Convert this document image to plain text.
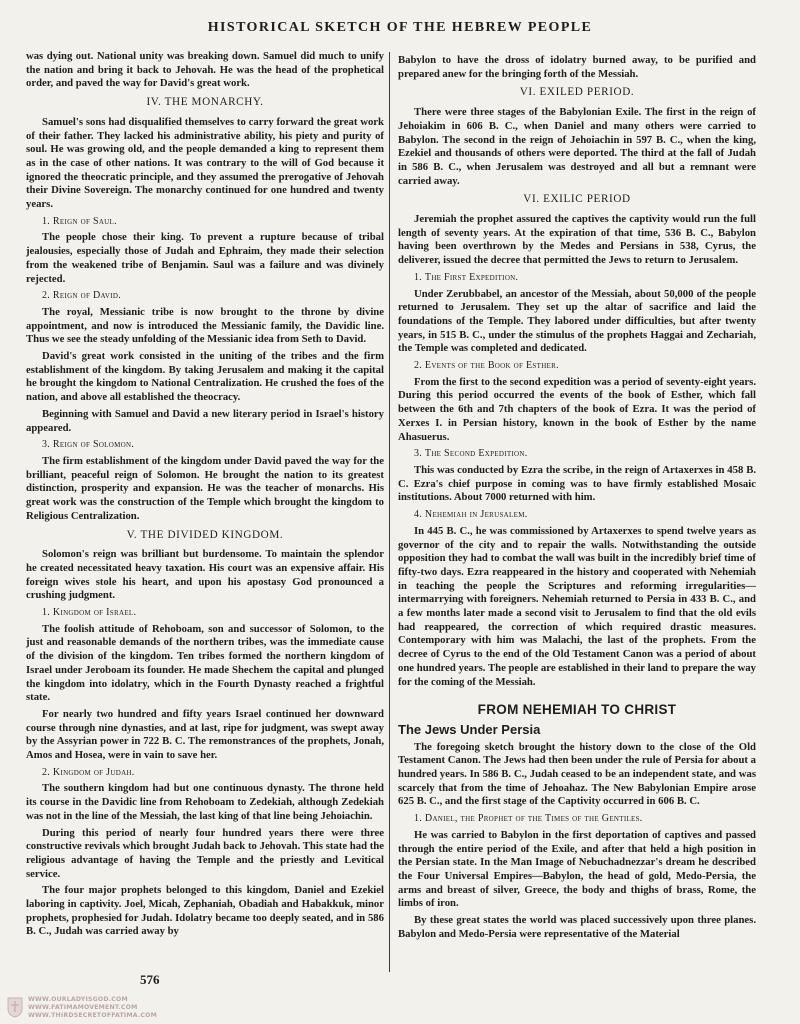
HISTORICAL SKETCH OF THE HEBREW PEOPLE

was dying out. National unity was breaking down. Samuel did much to unify the nation and bring it back to Jehovah. He was the head of the prophetical order, and paved the way for David's great work.

IV. THE MONARCHY.

Samuel's sons had disqualified themselves to carry forward the great work of their father. They lacked his administrative ability, his piety and purity of soul. He was growing old, and the people demanded a king to represent them as in the case of other nations. It was contrary to the will of God because it ignored the theocratic principle, and they assumed the prerogative of Jehovah their Divine Sovereign. The monarchy continued for one hundred and twenty years.

1. Reign of Saul.

The people chose their king. To prevent a rupture because of tribal jealousies, especially those of Judah and Ephraim, they made their selection from the weakened tribe of Benjamin. Saul was a failure and was divinely rejected.

2. Reign of David.

The royal, Messianic tribe is now brought to the throne by divine appointment, and now is introduced the Messianic family, the Davidic line. Thus we see the steady unfolding of the Messianic idea from Seth to David.

David's great work consisted in the uniting of the tribes and the firm establishment of the kingdom. By taking Jerusalem and making it the capital he brought the kingdom to National Centralization. He crushed the foes of the nation, and above all established the theocracy.

Beginning with Samuel and David a new literary period in Israel's history appeared.

3. Reign of Solomon.

The firm establishment of the kingdom under David paved the way for the brilliant, peaceful reign of Solomon. He brought the nation to its greatest distinction, prosperity and expansion. He was the teacher of monarchs. His great work was the construction of the Temple which brought the kingdom to Religious Centralization.

V. THE DIVIDED KINGDOM.

Solomon's reign was brilliant but burdensome. To maintain the splendor he created necessitated heavy taxation. His court was an expensive affair. His foreign wives stole his heart, and upon his apostasy God pronounced a crushing judgment.

1. Kingdom of Israel.

The foolish attitude of Rehoboam, son and successor of Solomon, to the just and reasonable demands of the northern tribes, was the immediate cause of the division of the kingdom. Ten tribes formed the northern kingdom of Israel under Jeroboam its founder. He made Shechem the capital and plunged the kingdom into idolatry, which in the Fourth Dynasty reached a frightful state.

For nearly two hundred and fifty years Israel continued her downward course through nine dynasties, and at last, ripe for judgment, was swept away by the Assyrian power in 722 B. C. The remonstrances of the prophets, Jonah, Amos and Hosea, were in vain to save her.

2. Kingdom of Judah.

The southern kingdom had but one continuous dynasty. The throne held its course in the Davidic line from Rehoboam to Zedekiah, although Zedekiah was not in the line of the Messiah, the last king of that line being Jehoiachin.

During this period of nearly four hundred years there were three constructive revivals which brought Judah back to Jehovah. This state had the religious advantage of having the Temple and the priestly and Levitical service.

The four major prophets belonged to this kingdom, Daniel and Ezekiel laboring in captivity. Joel, Micah, Zephaniah, Obadiah and Habakkuk, minor prophets, prophesied for Judah. Idolatry became too deeply seated, and in 586 B. C., Judah was carried away by

Babylon to have the dross of idolatry burned away, to be purified and prepared anew for the bringing forth of the Messiah.

VI. EXILED PERIOD.

There were three stages of the Babylonian Exile. The first in the reign of Jehoiakim in 606 B. C., when Daniel and many others were carried to Babylon. The second in the reign of Jehoiachin in 597 B. C., when the king, Ezekiel and thousands of others were deported. The third at the fall of Judah in 586 B. C., when Jerusalem was destroyed and all but a remnant were carried away.

VI. EXILIC PERIOD

Jeremiah the prophet assured the captives the captivity would run the full length of seventy years. At the expiration of that time, 536 B. C., Babylon having been overthrown by the Medes and Persians in 538, Cyrus, the deliverer, issued the decree that permitted the Jews to return to Jerusalem.

1. The First Expedition.

Under Zerubbabel, an ancestor of the Messiah, about 50,000 of the people returned to Jerusalem. They set up the altar of sacrifice and laid the foundations of the Temple. They labored under difficulties, but after twenty years, in 515 B. C., under the stimulus of the prophets Haggai and Zechariah, the Temple was completed and dedicated.

2. Events of the Book of Esther.

From the first to the second expedition was a period of seventy-eight years. During this period occurred the events of the book of Esther, which fall between the 6th and 7th chapters of the book of Ezra. It was the period of Xerxes I. in Persian history, known in the book of Esther by the name Ahasuerus.

3. The Second Expedition.

This was conducted by Ezra the scribe, in the reign of Artaxerxes in 458 B. C. Ezra's chief purpose in coming was to have firmly established Mosaic institutions. About 7000 returned with him.

4. Nehemiah in Jerusalem.

In 445 B. C., he was commissioned by Artaxerxes to spend twelve years as governor of the city and to repair the walls. Notwithstanding the outside opposition they had to combat the wall was built in the incredibly brief time of fifty-two days. Ezra reappeared in the history and cooperated with Nehemiah in teaching the people the Scriptures and reforming irregularities—intermarrying with foreigners. Nehemiah returned to Persia in 433 B. C., and a few months later made a second visit to Jerusalem to find that the old evils had reappeared, the correction of which required drastic measures. Contemporary with him was Malachi, the last of the prophets. From the decree of Cyrus to the end of the Old Testament Canon was a period of about one hundred years. The people are established in their land to prepare the way for the coming of the Messiah.

FROM NEHEMIAH TO CHRIST
The Jews Under Persia

The foregoing sketch brought the history down to the close of the Old Testament Canon. The Jews had then been under the rule of Persia for about a hundred years. In 586 B. C., Judah ceased to be an independent state, and was scarcely that from the time of Jehoahaz. The New Babylonian Empire arose 625 B. C., and the first stage of the Captivity occurred in 606 B. C.

1. Daniel, the Prophet of the Times of the Gentiles.

He was carried to Babylon in the first deportation of captives and passed through the entire period of the Exile, and after that held a high position in the Persian state. In the Man Image of Nebuchadnezzar's dream he described the Four Universal Empires—Babylon, the head of gold, Medo-Persia, the arms and breast of silver, Greece, the body and thighs of brass, Rome, the limbs of iron.

By these great states the world was placed successively upon three planes. Babylon and Medo-Persia were representative of the Material

576
WWW.OURLADYISGOD.COM
WWW.FATIMAMOVEMENT.COM
WWW.THIRDSECRETOFFATIMA.COM
